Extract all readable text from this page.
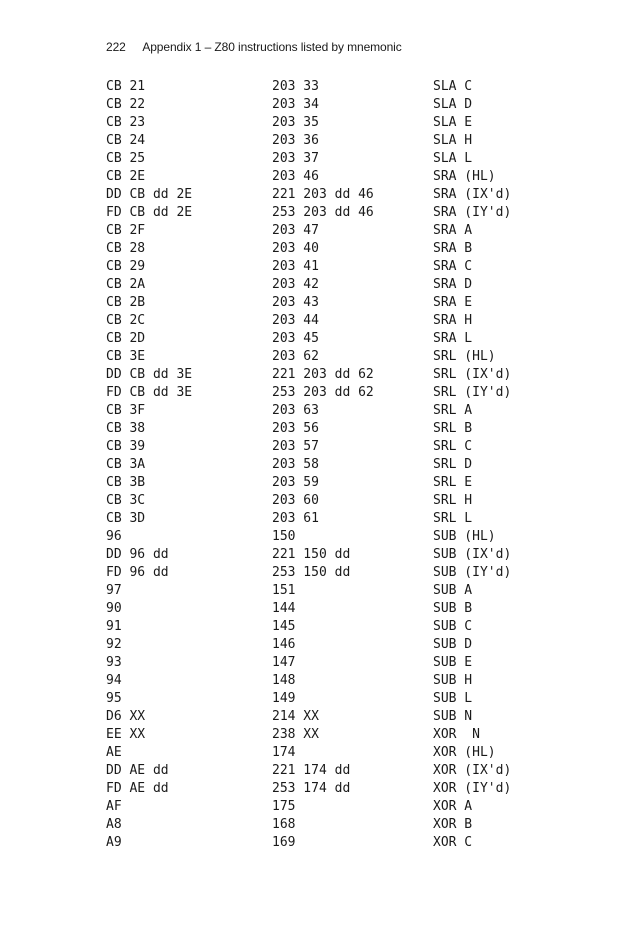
222 Appendix 1 – Z80 instructions listed by mnemonic
CB 21	203 33	SLA C
CB 22	203 34	SLA D
CB 23	203 35	SLA E
CB 24	203 36	SLA H
CB 25	203 37	SLA L
CB 2E	203 46	SRA (HL)
DD CB dd 2E	221 203 dd 46	SRA (IX'd)
FD CB dd 2E	253 203 dd 46	SRA (IY'd)
CB 2F	203 47	SRA A
CB 28	203 40	SRA B
CB 29	203 41	SRA C
CB 2A	203 42	SRA D
CB 2B	203 43	SRA E
CB 2C	203 44	SRA H
CB 2D	203 45	SRA L
CB 3E	203 62	SRL (HL)
DD CB dd 3E	221 203 dd 62	SRL (IX'd)
FD CB dd 3E	253 203 dd 62	SRL (IY'd)
CB 3F	203 63	SRL A
CB 38	203 56	SRL B
CB 39	203 57	SRL C
CB 3A	203 58	SRL D
CB 3B	203 59	SRL E
CB 3C	203 60	SRL H
CB 3D	203 61	SRL L
96	150	SUB (HL)
DD 96 dd	221 150 dd	SUB (IX'd)
FD 96 dd	253 150 dd	SUB (IY'd)
97	151	SUB A
90	144	SUB B
91	145	SUB C
92	146	SUB D
93	147	SUB E
94	148	SUB H
95	149	SUB L
D6 XX	214 XX	SUB N
EE XX	238 XX	XOR  N
AE	174	XOR (HL)
DD AE dd	221 174 dd	XOR (IX'd)
FD AE dd	253 174 dd	XOR (IY'd)
AF	175	XOR A
A8	168	XOR B
A9	169	XOR C
